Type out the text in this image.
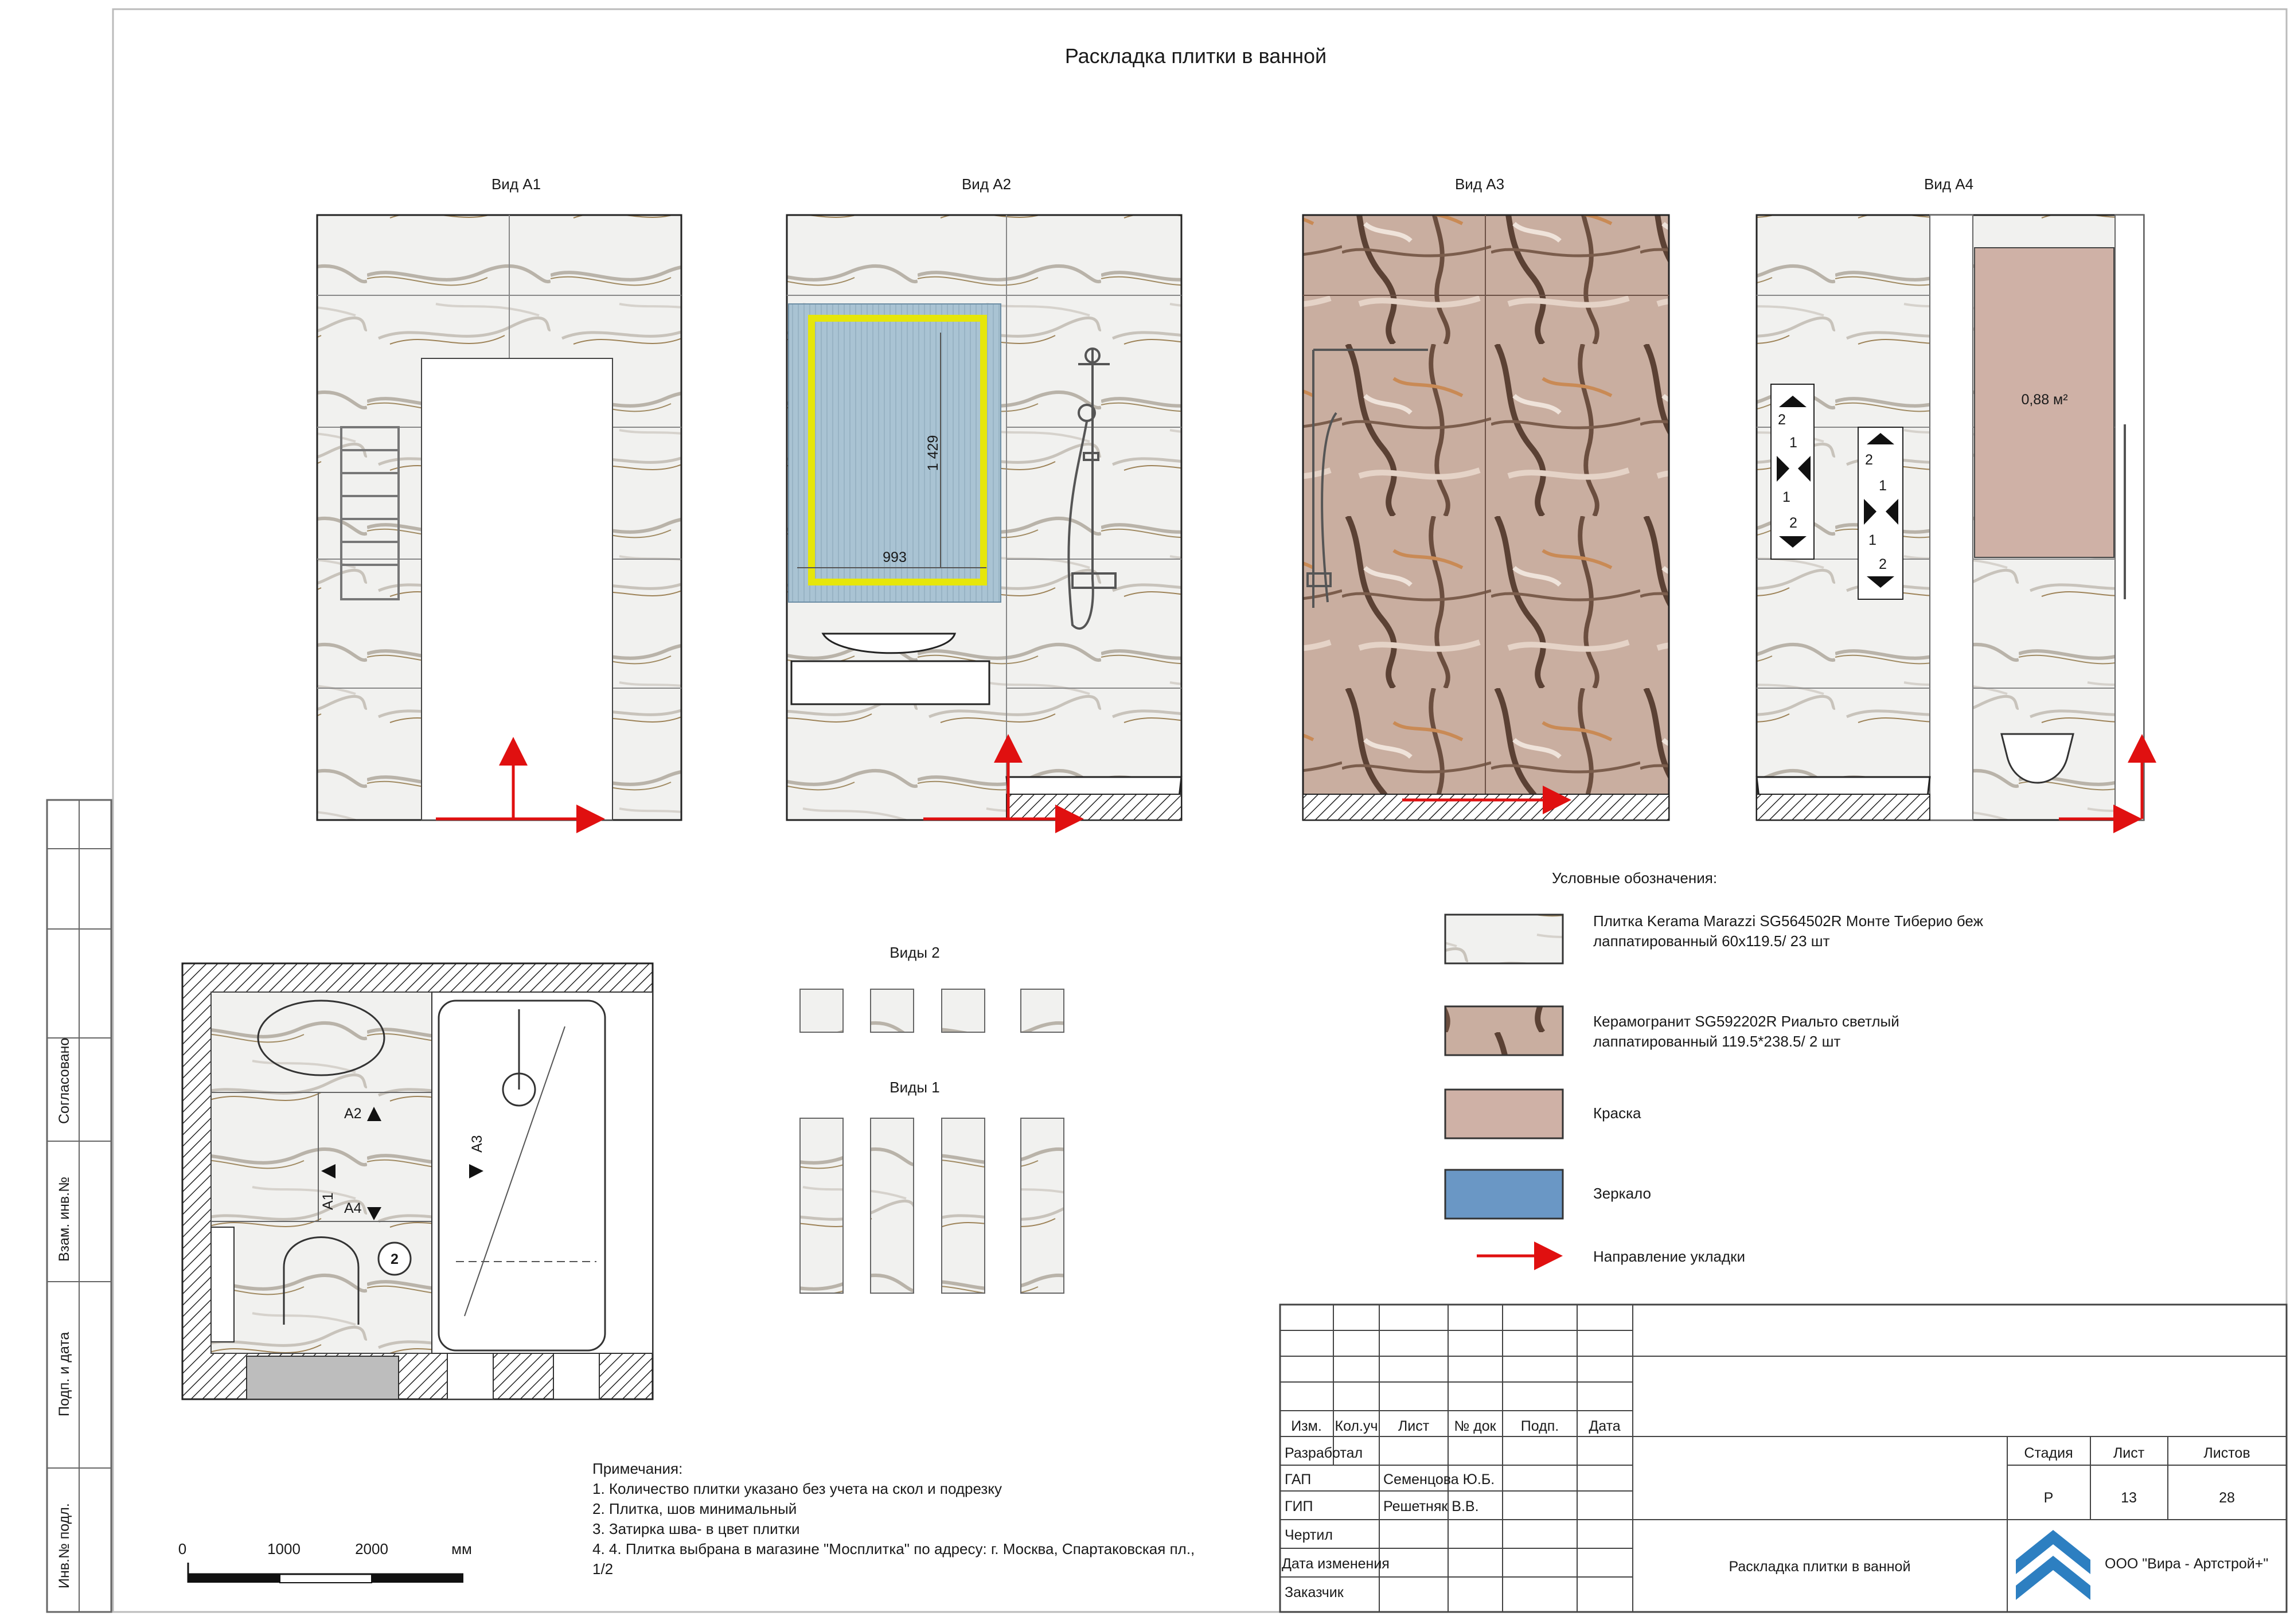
Согласовано
Взам. инв.№
Подп. и дата
Инв.№ подл.
Раскладка плитки в ванной
Вид А1	Вид А2	Вид А3	Вид А4
1 429
993
0,88 м²
2
1
1
2
2
1
1
2
2
А2
А4
А1
А3
Виды 2
Виды 1
Условные обозначения:
Плитка Kerama Marazzi SG564502R Монте Тиберио беж
лаппатированный 60х119.5/ 23 шт
Керамогранит SG592202R Риальто светлый
лаппатированный 119.5*238.5/ 2 шт
Краска
Зеркало
Направление укладки
Примечания:
1. Количество плитки указано без учета на скол и подрезку
2. Плитка, шов минимальный
3. Затирка шва- в цвет плитки
4. 4. Плитка выбрана в магазине "Мосплитка" по адресу: г. Москва, Спартаковская пл.,
1/2
0	1000	2000	мм
Изм. Кол.уч Лист № док Подп. Дата
Разработал
ГАП	Семенцова Ю.Б.
ГИП	Решетняк В.В.
Чертил
Дата изменения
Заказчик
Стадия	Лист	Листов
Р	13	28
Раскладка плитки в ванной	ООО "Вира - Артстрой+"
